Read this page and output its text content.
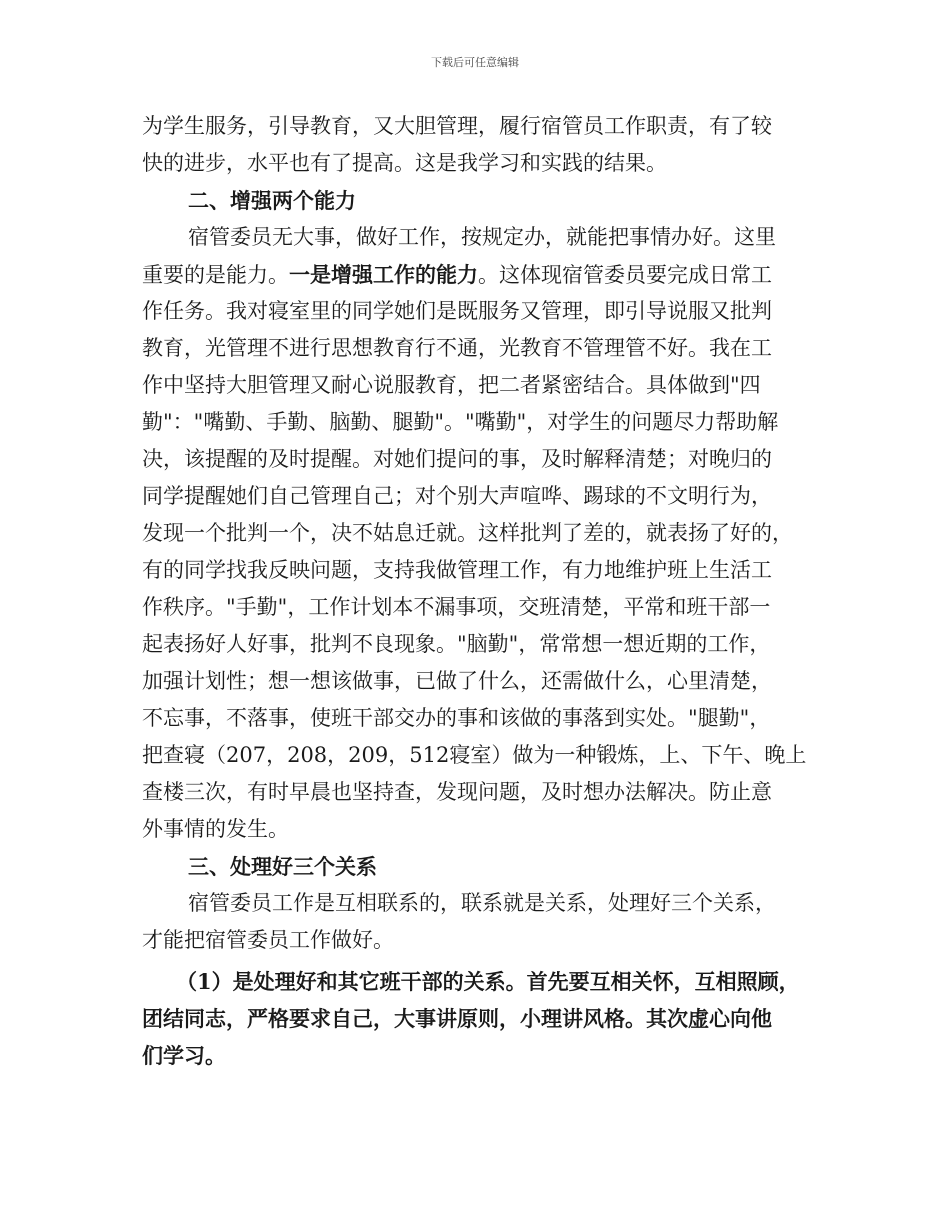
下载后可任意编辑
为学生服务，引导教育，又大胆管理，履行宿管员工作职责，有了较
快的进步，水平也有了提高。这是我学习和实践的结果。
二、增强两个能力
宿管委员无大事，做好工作，按规定办，就能把事情办好。这里
重要的是能力。一是增强工作的能力。这体现宿管委员要完成日常工
作任务。我对寝室里的同学她们是既服务又管理，即引导说服又批判
教育，光管理不进行思想教育行不通，光教育不管理管不好。我在工
作中坚持大胆管理又耐心说服教育，把二者紧密结合。具体做到"四
勤"："嘴勤、手勤、脑勤、腿勤"。"嘴勤"，对学生的问题尽力帮助解
决，该提醒的及时提醒。对她们提问的事，及时解释清楚；对晚归的
同学提醒她们自己管理自己；对个别大声喧哗、踢球的不文明行为，
发现一个批判一个，决不姑息迁就。这样批判了差的，就表扬了好的，
有的同学找我反映问题，支持我做管理工作，有力地维护班上生活工
作秩序。"手勤"，工作计划本不漏事项，交班清楚，平常和班干部一
起表扬好人好事，批判不良现象。"脑勤"，常常想一想近期的工作，
加强计划性；想一想该做事，已做了什么，还需做什么，心里清楚，
不忘事，不落事，使班干部交办的事和该做的事落到实处。"腿勤"，
把查寝（207，208，209，512寝室）做为一种锻炼，上、下午、晚上
查楼三次，有时早晨也坚持查，发现问题，及时想办法解决。防止意
外事情的发生。
三、处理好三个关系
宿管委员工作是互相联系的，联系就是关系，处理好三个关系，
才能把宿管委员工作做好。
（1）是处理好和其它班干部的关系。首先要互相关怀，互相照顾，
团结同志，严格要求自己，大事讲原则，小理讲风格。其次虚心向他
们学习。
